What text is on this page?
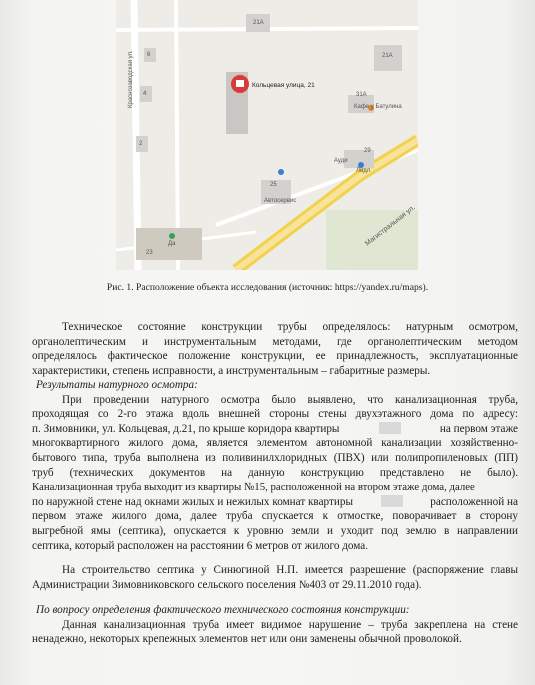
Краснозаводская ул.
Магистральная ул.
Кольцевая улица, 21
21А
6
4
2
21А
31А
29
25
23
Кафе у Батулина
Лидл
Ауди
Автосервис
Да
Рис. 1. Расположение объекта исследования (источник: https://yandex.ru/maps).
Техническое состояние конструкции трубы определялось: натурным осмотром,
органолептическим и инструментальным методами, где органолептическим методом
определялось фактическое положение конструкции, ее принадлежность, эксплуатационные
характеристики, степень исправности, а инструментальным – габаритные размеры.
Результаты натурного осмотра:
При проведении натурного осмотра было выявлено, что канализационная труба,
проходящая со 2-го этажа вдоль внешней стороны стены двухэтажного дома по адресу:
п. Зимовники, ул. Кольцевая, д.21, по крыше коридора квартиры	на первом этаже
многоквартирного жилого дома, является элементом автономной канализации хозяйственно-
бытового типа, труба выполнена из поливинилхлоридных (ПВХ) или полипропиленовых (ПП)
труб (технических документов на данную конструкцию представлено не было).
Канализационная труба выходит из квартиры №15, расположенной на втором этаже дома, далее
по наружной стене над окнами жилых и нежилых комнат квартиры	расположенной на
первом этаже жилого дома, далее труба спускается к отмостке, поворачивает в сторону
выгребной ямы (септика), опускается к уровню земли и уходит под землю в направлении
септика, который расположен на расстоянии 6 метров от жилого дома.
На строительство септика у Синюгиной Н.П. имеется разрешение (распоряжение главы
Администрации Зимовниковского сельского поселения №403 от 29.11.2010 года).
По вопросу определения фактического технического состояния конструкции:
Данная канализационная труба имеет видимое нарушение – труба закреплена на стене
ненадежно, некоторых крепежных элементов нет или они заменены обычной проволокой.
